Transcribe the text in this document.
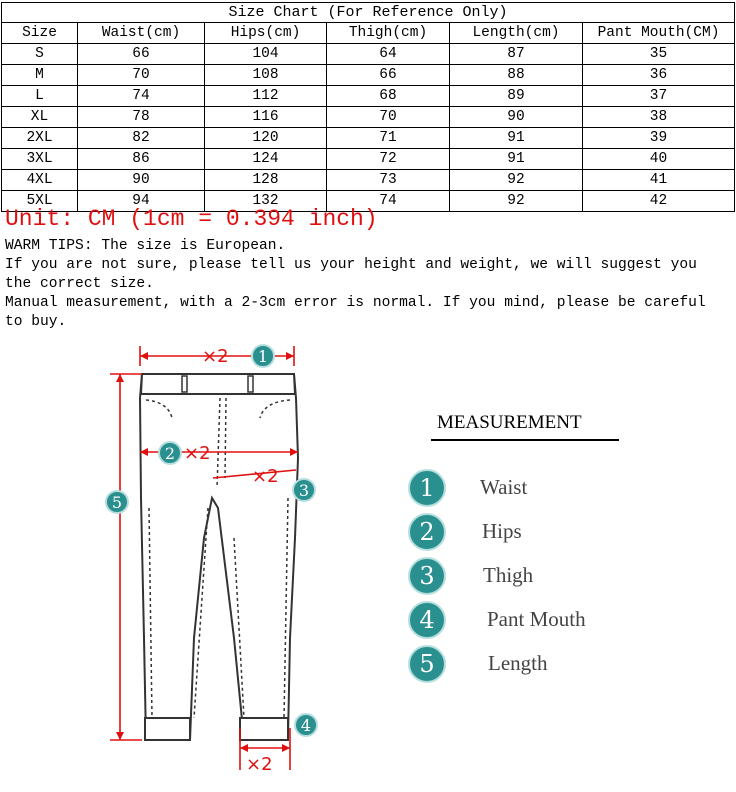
Size Chart (For Reference Only)					
Size	Waist(cm)	Hips(cm)	Thigh(cm)	Length(cm)	Pant Mouth(CM)
S	66	104	64	87	35
M	70	108	66	88	36
L	74	112	68	89	37
XL	78	116	70	90	38
2XL	82	120	71	91	39
3XL	86	124	72	91	40
4XL	90	128	73	92	41
5XL	94	132	74	92	42

Unit: CM (1cm = 0.394 inch)

WARM TIPS: The size is European.

If you are not sure, please tell us your height and weight, we will suggest you the correct size.

Manual measurement, with a 2-3cm error is normal. If you mind, please be careful to buy.

×2
×2
×2
×2
1
2
3
4
5

MEASUREMENT

1	Waist
2	Hips
3	Thigh
4	Pant Mouth
5	Length
